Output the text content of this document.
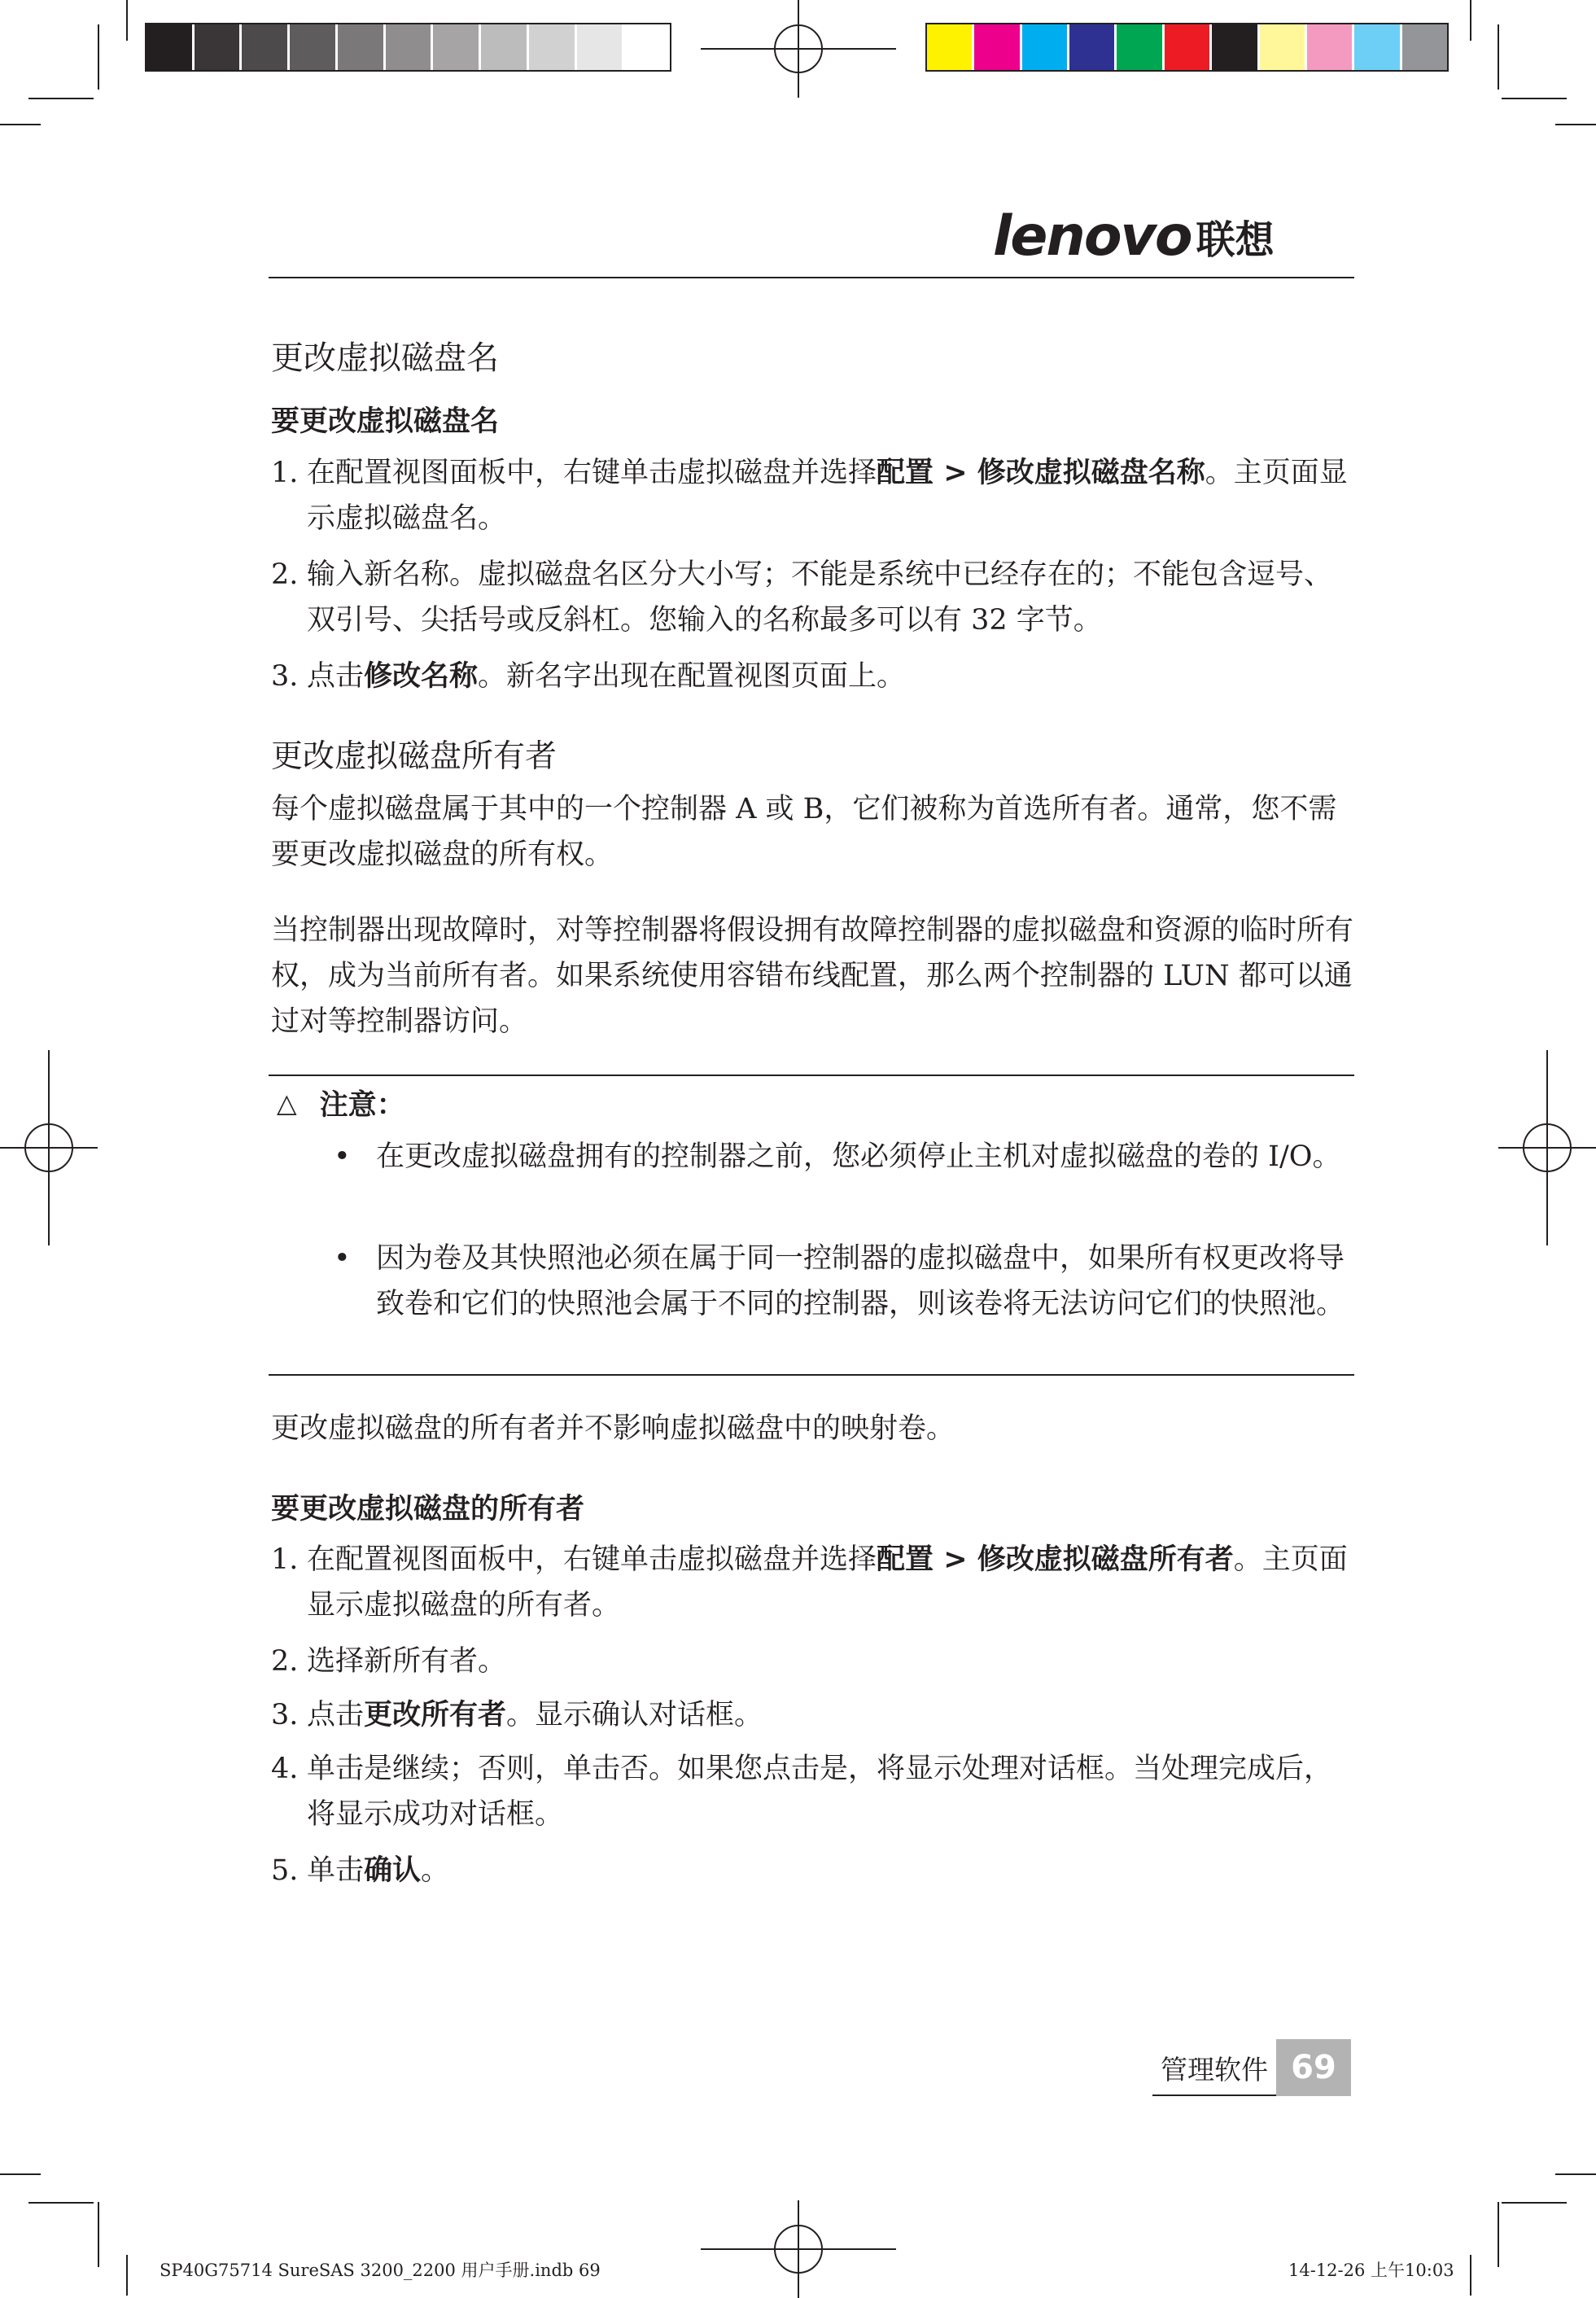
lenovo 联想
更改虚拟磁盘名
要更改虚拟磁盘名
1. 在配置视图面板中，右键单击虚拟磁盘并选择配置 > 修改虚拟磁盘名称。主页面显示虚拟磁盘名。
2. 输入新名称。虚拟磁盘名区分大小写；不能是系统中已经存在的；不能包含逗号、双引号、尖括号或反斜杠。您输入的名称最多可以有 32 字节。
3. 点击修改名称。新名字出现在配置视图页面上。
更改虚拟磁盘所有者
每个虚拟磁盘属于其中的一个控制器 A 或 B，它们被称为首选所有者。通常，您不需要更改虚拟磁盘的所有权。
当控制器出现故障时，对等控制器将假设拥有故障控制器的虚拟磁盘和资源的临时所有权，成为当前所有者。如果系统使用容错布线配置，那么两个控制器的 LUN 都可以通过对等控制器访问。
△ 注意：
• 在更改虚拟磁盘拥有的控制器之前，您必须停止主机对虚拟磁盘的卷的 I/O。
• 因为卷及其快照池必须在属于同一控制器的虚拟磁盘中，如果所有权更改将导致卷和它们的快照池会属于不同的控制器，则该卷将无法访问它们的快照池。
更改虚拟磁盘的所有者并不影响虚拟磁盘中的映射卷。
要更改虚拟磁盘的所有者
1. 在配置视图面板中，右键单击虚拟磁盘并选择配置 > 修改虚拟磁盘所有者。主页面显示虚拟磁盘的所有者。
2. 选择新所有者。
3. 点击更改所有者。显示确认对话框。
4. 单击是继续；否则，单击否。如果您点击是，将显示处理对话框。当处理完成后，将显示成功对话框。
5. 单击确认。
管理软件 69
SP40G75714 SureSAS 3200_2200 用户手册.indb 69	14-12-26 上午10:03
